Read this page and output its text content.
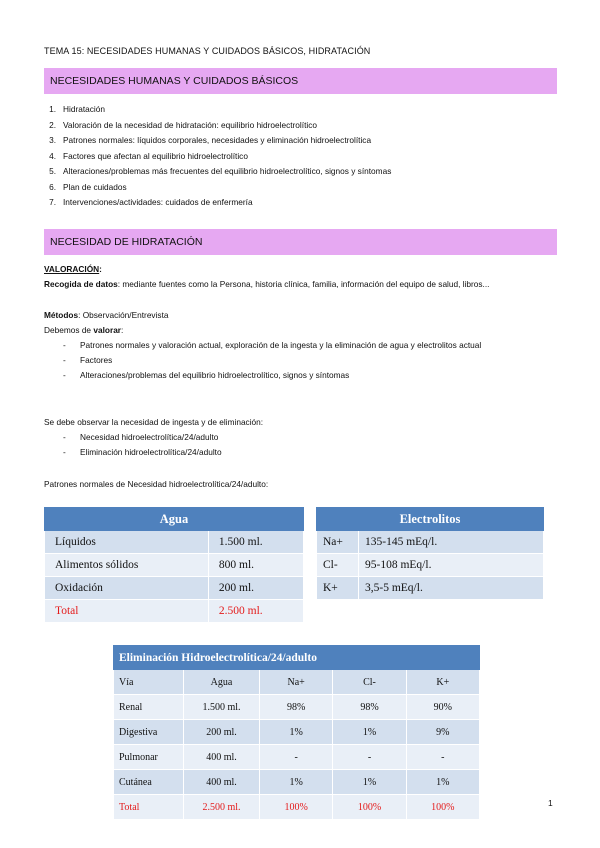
TEMA 15: NECESIDADES HUMANAS Y CUIDADOS BÁSICOS, HIDRATACIÓN
NECESIDADES HUMANAS Y CUIDADOS BÁSICOS
1. Hidratación
2. Valoración de la necesidad de hidratación: equilibrio hidroelectrolítico
3. Patrones normales: líquidos corporales, necesidades y eliminación hidroelectrolítica
4. Factores que afectan al equilibrio hidroelectrolítico
5. Alteraciones/problemas más frecuentes del equilibrio hidroelectrolítico, signos y síntomas
6. Plan de cuidados
7. Intervenciones/actividades: cuidados de enfermería
NECESIDAD DE HIDRATACIÓN
VALORACIÓN:
Recogida de datos: mediante fuentes como la Persona, historia clínica, familia, información del equipo de salud, libros...
Métodos: Observación/Entrevista
Debemos de valorar:
-	Patrones normales y valoración actual, exploración de la ingesta y la eliminación de agua y electrolitos actual
-	Factores
-	Alteraciones/problemas del equilibrio hidroelectrolítico, signos y síntomas
Se debe observar la necesidad de ingesta y de eliminación:
-	Necesidad hidroelectrolítica/24/adulto
-	Eliminación hidroelectrolítica/24/adulto
Patrones normales de Necesidad hidroelectrolítica/24/adulto:
Agua	
Líquidos	1.500 ml.
Alimentos sólidos	800 ml.
Oxidación	200 ml.
Total	2.500 ml.
Electrolitos	
Na+	135-145 mEq/l.
Cl-	95-108 mEq/l.
K+	3,5-5 mEq/l.
Eliminación Hidroelectrolítica/24/adulto				
Vía	Agua	Na+	Cl-	K+
Renal	1.500 ml.	98%	98%	90%
Digestiva	200 ml.	1%	1%	9%
Pulmonar	400 ml.	-	-	-
Cutánea	400 ml.	1%	1%	1%
Total	2.500 ml.	100%	100%	100%	1
